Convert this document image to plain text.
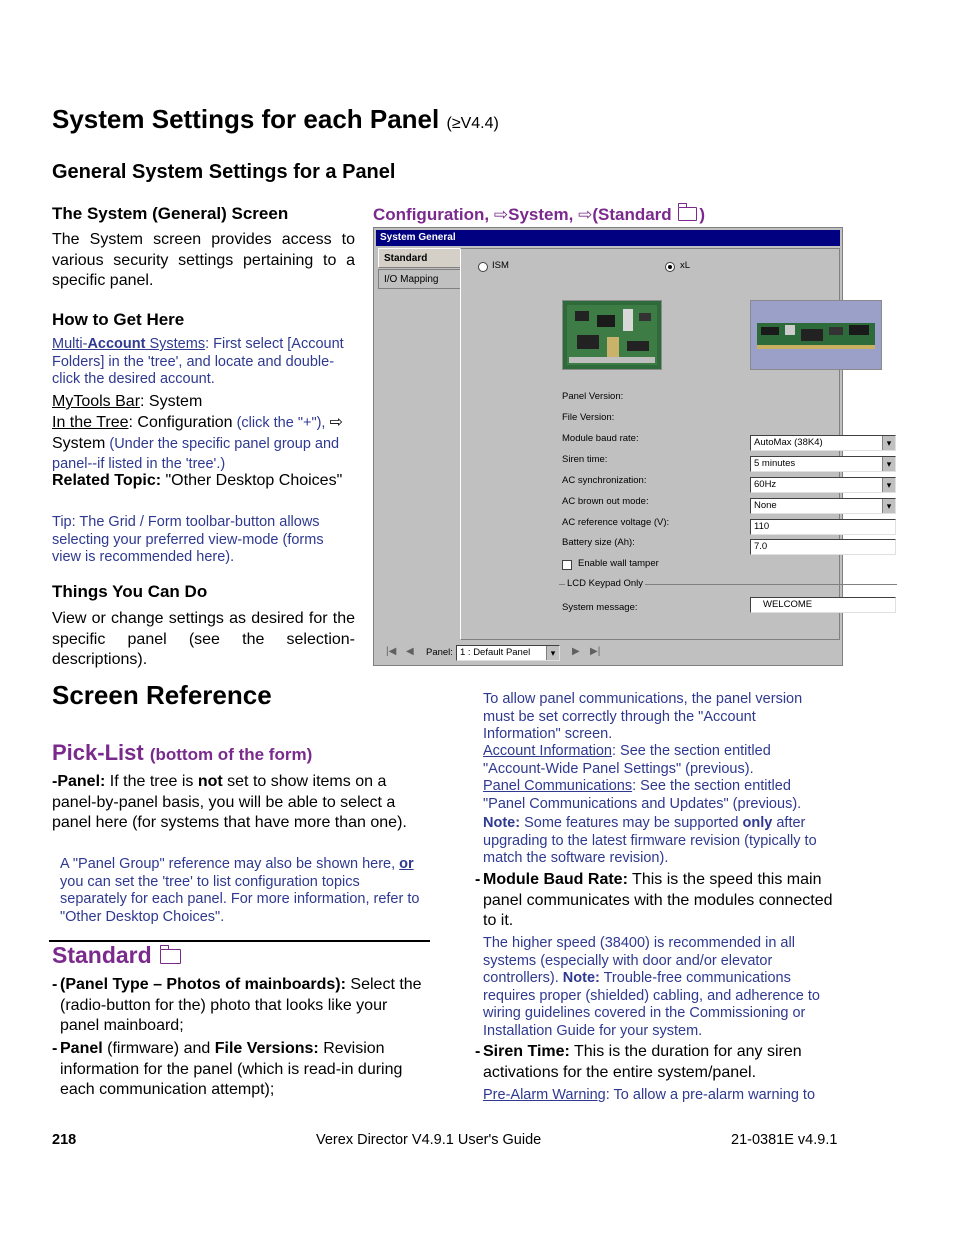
System Settings for each Panel (≥V4.4)
General System Settings for a Panel
The System (General) Screen
The System screen provides access to various security settings pertaining to a specific panel.
How to Get Here
Multi-Account Systems: First select [Account Folders] in the 'tree', and locate and double-click the desired account.
MyTools Bar: System
In the Tree: Configuration (click the "+"), ⇨System (Under the specific panel group and panel--if listed in the 'tree'.)
Related Topic: "Other Desktop Choices"
Tip: The Grid / Form toolbar-button allows selecting your preferred view-mode (forms view is recommended here).
Things You Can Do
View or change settings as desired for the specific panel (see the selection-descriptions).
Configuration, ⇨System, ⇨(Standard )
System General
Standard
I/O Mapping
ISM	xL
Panel Version:
File Version:
Module baud rate:	AutoMax (38K4) ▾
Siren time:	5 minutes ▾
AC synchronization:	60Hz ▾
AC brown out mode:	None ▾
AC reference voltage (V):	110
Battery size (Ah):	7.0
Enable wall tamper
LCD Keypad Only
System message:	WELCOME
|◀ ◀ Panel: 1 : Default Panel ▾	▶ ▶|
Screen Reference
Pick-List (bottom of the form)
-Panel: If the tree is not set to show items on a panel-by-panel basis, you will be able to select a panel here (for systems that have more than one).
A "Panel Group" reference may also be shown here, or you can set the 'tree' to list configuration topics separately for each panel. For more information, refer to "Other Desktop Choices".
Standard
- (Panel Type – Photos of mainboards): Select the (radio-button for the) photo that looks like your panel mainboard;
- Panel (firmware) and File Versions: Revision information for the panel (which is read-in during each communication attempt);
To allow panel communications, the panel version must be set correctly through the "Account Information" screen.
Account Information: See the section entitled "Account-Wide Panel Settings" (previous).
Panel Communications: See the section entitled "Panel Communications and Updates" (previous).
Note: Some features may be supported only after upgrading to the latest firmware revision (typically to match the software revision).
- Module Baud Rate: This is the speed this main panel communicates with the modules connected to it.
The higher speed (38400) is recommended in all systems (especially with door and/or elevator controllers). Note: Trouble-free communications requires proper (shielded) cabling, and adherence to wiring guidelines covered in the Commissioning or Installation Guide for your system.
- Siren Time: This is the duration for any siren activations for the entire system/panel.
Pre-Alarm Warning: To allow a pre-alarm warning to
218	Verex Director V4.9.1 User's Guide	21-0381E v4.9.1
